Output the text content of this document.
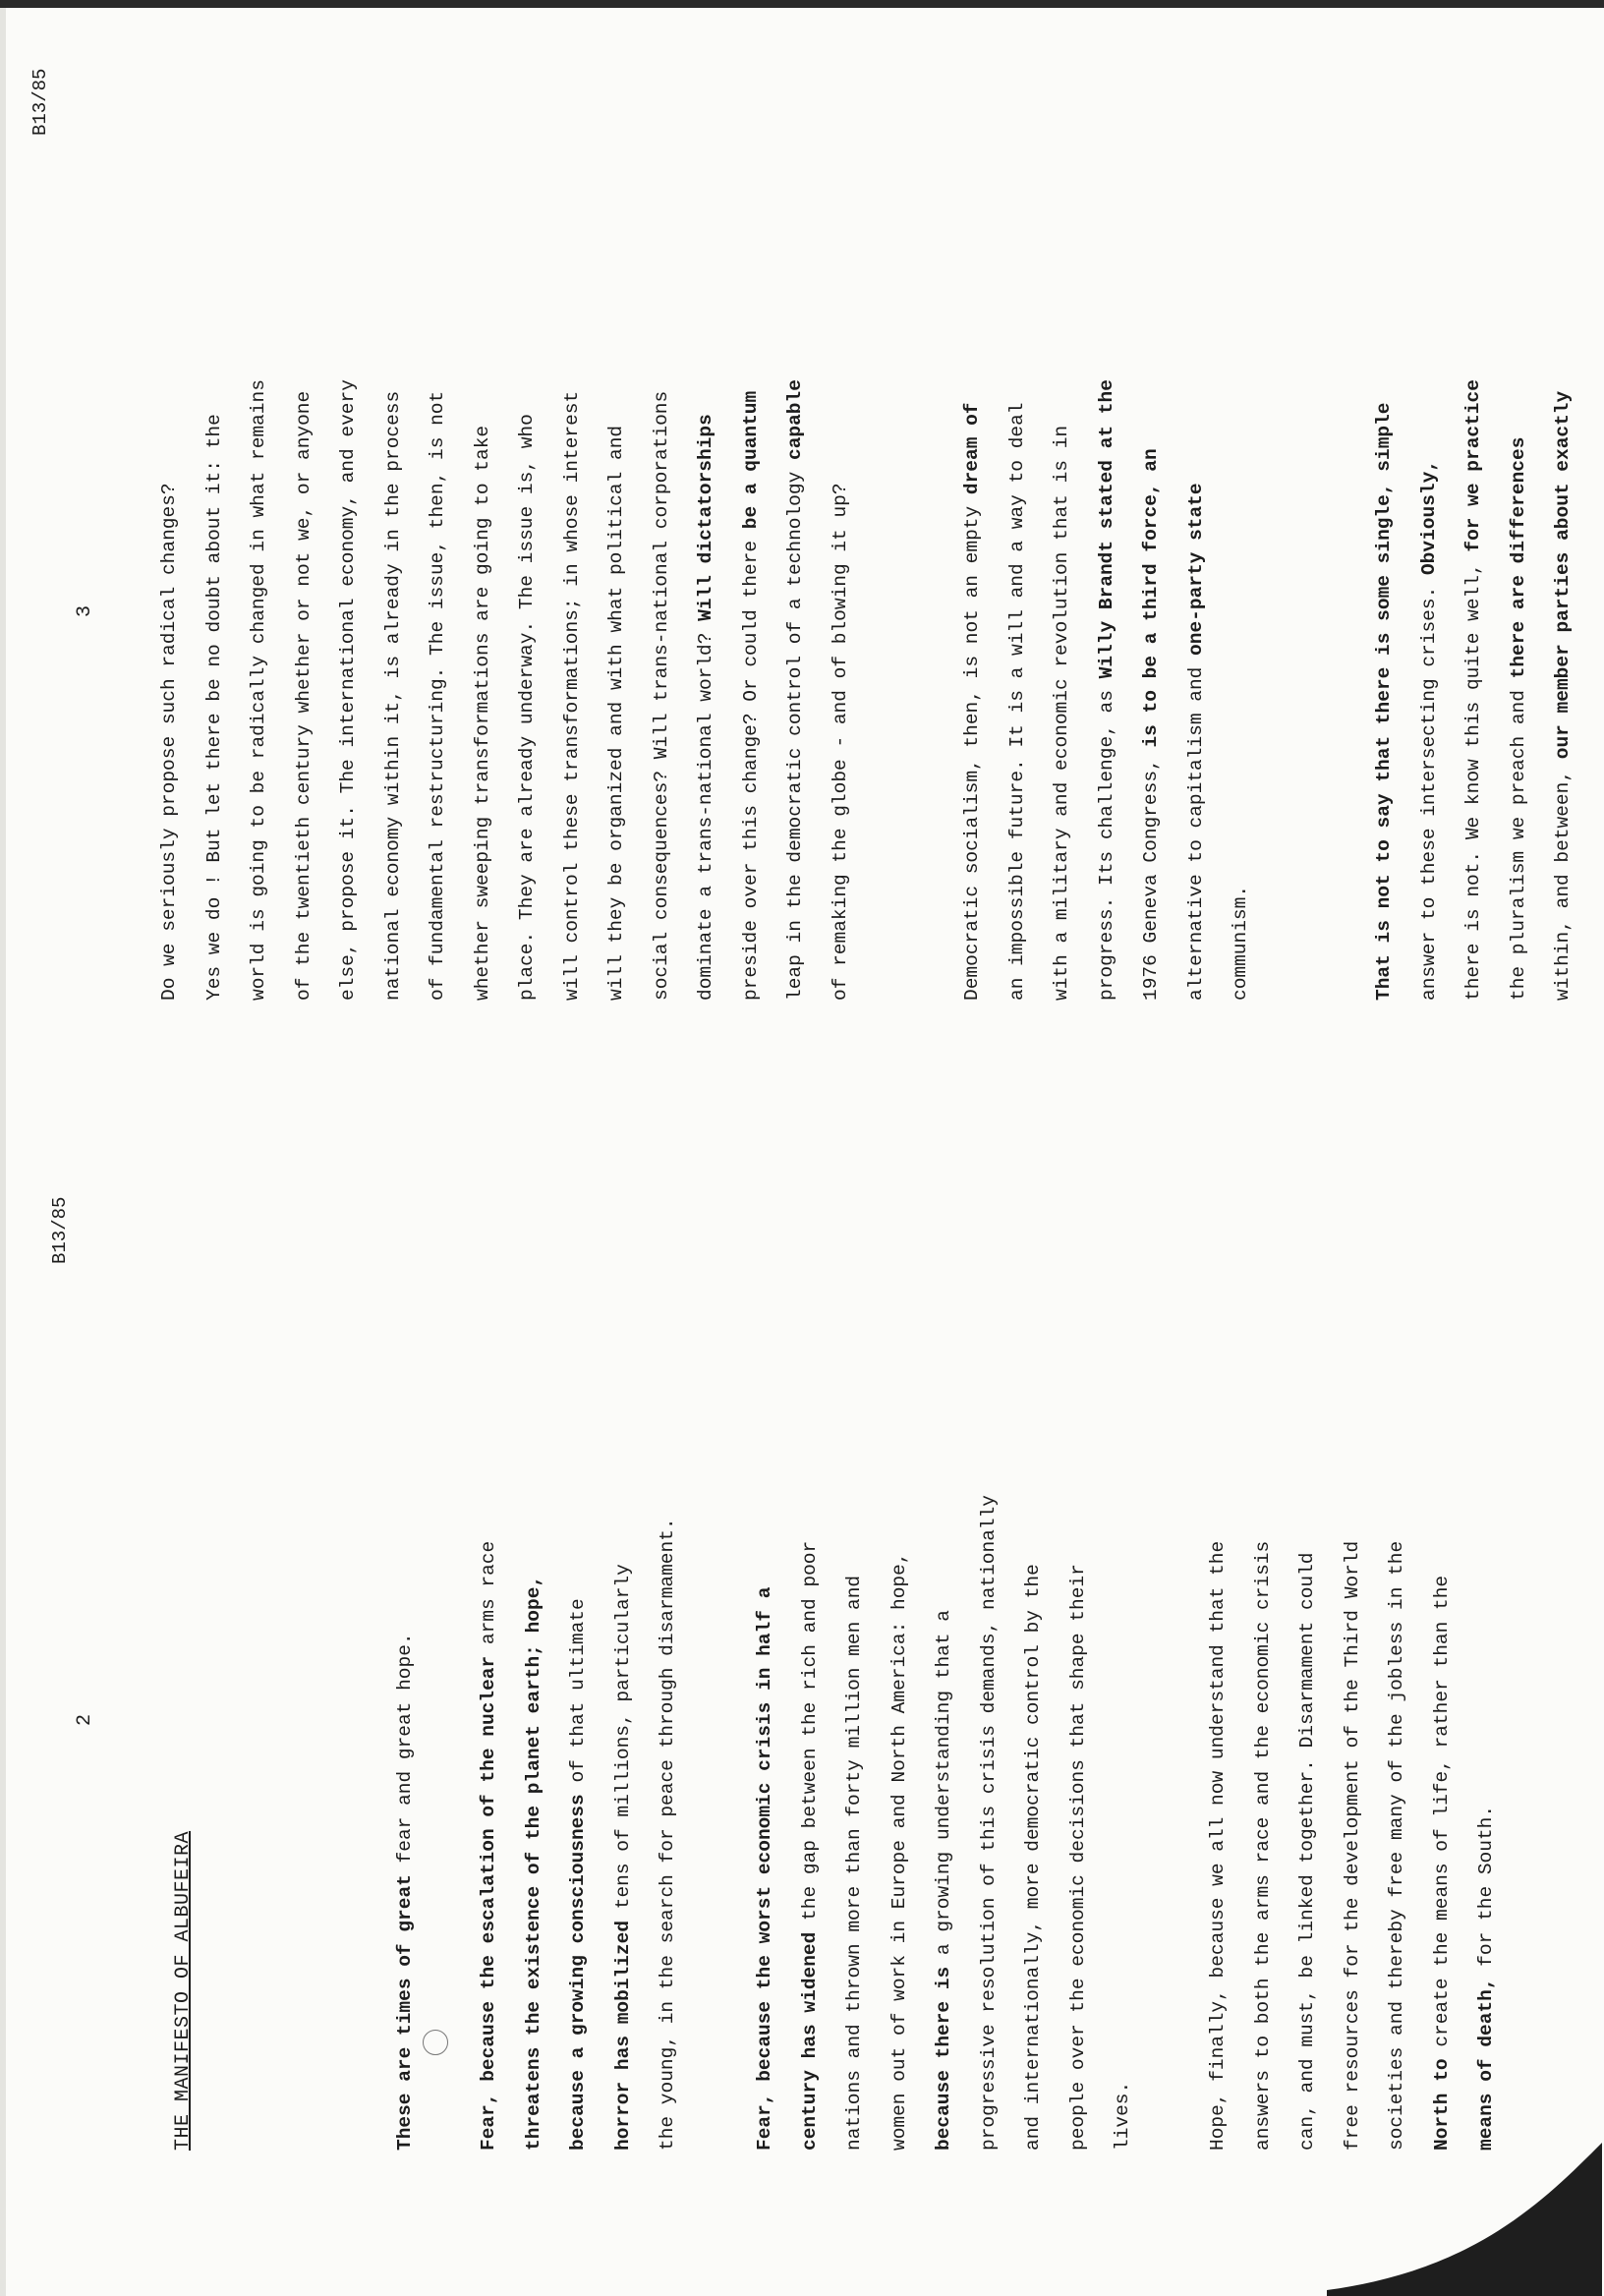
2
B13/85
THE MANIFESTO OF ALBUFEIRA	These are times of great fear and great hope.	Fear, because the escalation of the nuclear arms race	threatens the existence of the planet earth; hope,	because a growing consciousness of that ultimate
horror has mobilized tens of millions, particularly	the young, in the search for peace through disarmament.	Fear, because the worst economic crisis in half a	century has widened the gap between the rich and poor	nations and thrown more than forty million men and	women out of work in Europe and North America: hope,	because there is a growing understanding that a	progressive resolution of this crisis demands, nationally	and internationally, more democratic control by the	people over the economic decisions that shape their	lives.	Hope, finally, because we all now understand that the	answers to both the arms race and the economic crisis	can, and must, be linked together. Disarmament could	free resources for the development of the Third World	societies and thereby free many of the jobless in the	North to create the means of life, rather than the
means of death, for the South.
3
B13/85
Do we seriously propose such radical changes?	Yes we do ! But let there be no doubt about it: the	world is going to be radically changed in what remains	of the twentieth century whether or not we, or anyone	else, propose it. The international economy, and every	national economy within it, is already in the process	of fundamental restructuring. The issue, then, is not	whether sweeping transformations are going to take	place. They are already underway. The issue is, who	will control these transformations; in whose interest	will they be organized and with what political and	social consequences? Will trans-national corporations	dominate a trans-national world? Will dictatorships
preside over this change? Or could there be a quantum	leap in the democratic control of a technology capable
of remaking the globe - and of blowing it up?	Democratic socialism, then, is not an empty dream of	an impossible future. It is a will and a way to deal	with a military and economic revolution that is in	progress. Its challenge, as Willy Brandt stated at the
1976 Geneva Congress, is to be a third force, an
alternative to capitalism and one-party state
communism.	That is not to say that there is some single, simple	answer to these intersecting crises. Obviously,
there is not. We know this quite well, for we practice
the pluralism we preach and there are differences
within, and between, our member parties about exactly
